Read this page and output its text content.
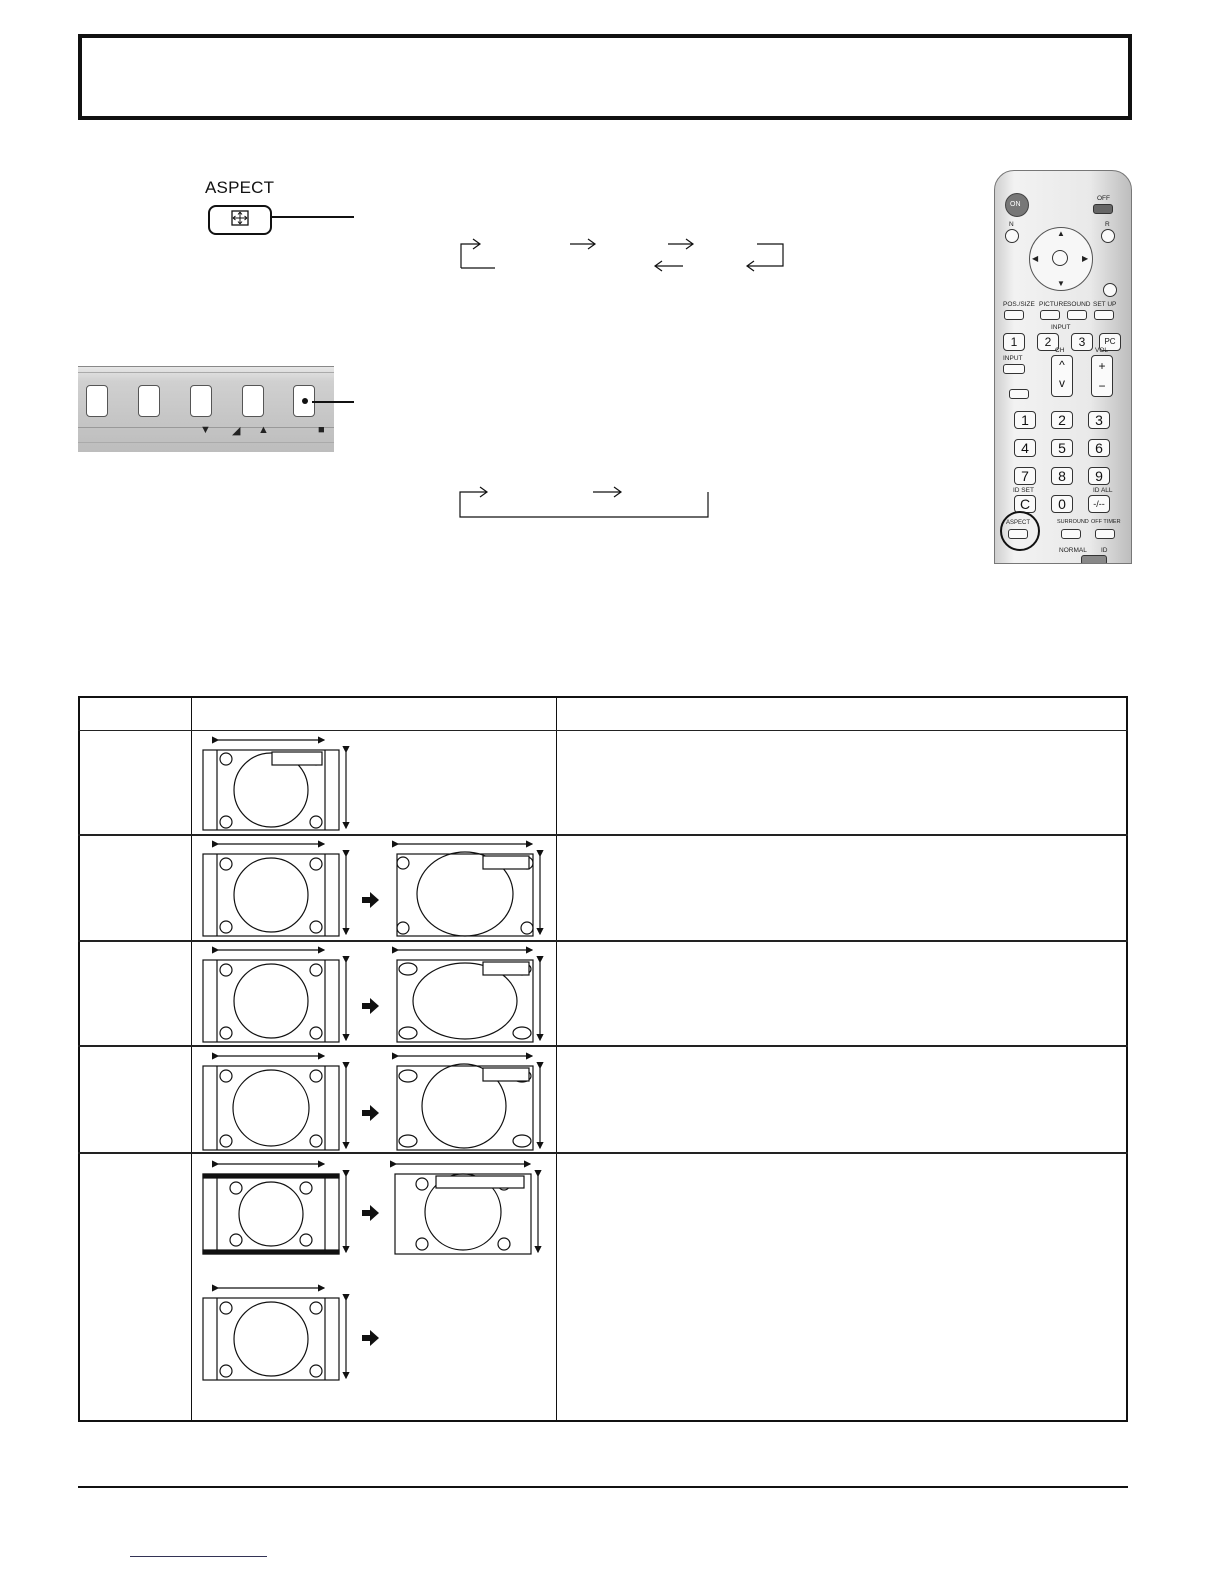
ASPECT
▼ ◢ ▲	■
ON
OFF
N	R
▲
▼
◀	▶
POS./SIZE PICTURE SOUND SET UP
INPUT
1	2	3	PC
INPUT
CH
^
v
VOL
+
−
1	2	3
4	5	6
7	8	9
ID SET	ID ALL
C	0	-/--
ASPECT	SURROUND OFF TIMER
NORMAL ID
